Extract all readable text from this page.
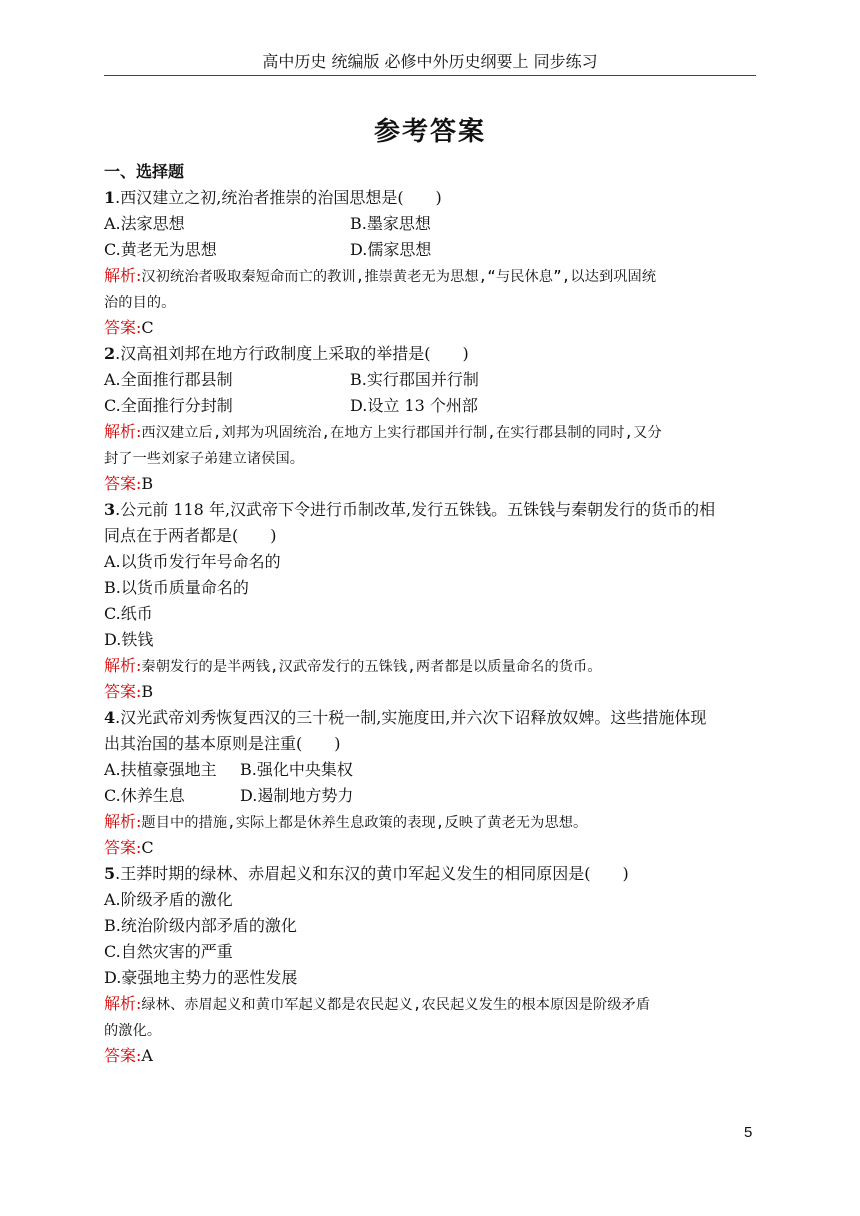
高中历史 统编版 必修中外历史纲要上 同步练习
参考答案
一、选择题
1.西汉建立之初,统治者推崇的治国思想是(　　)
A.法家思想	B.墨家思想
C.黄老无为思想	D.儒家思想
解析:汉初统治者吸取秦短命而亡的教训,推崇黄老无为思想,“与民休息”,以达到巩固统
治的目的。
答案:C
2.汉高祖刘邦在地方行政制度上采取的举措是(　　)
A.全面推行郡县制	B.实行郡国并行制
C.全面推行分封制	D.设立 13 个州部
解析:西汉建立后,刘邦为巩固统治,在地方上实行郡国并行制,在实行郡县制的同时,又分
封了一些刘家子弟建立诸侯国。
答案:B
3.公元前 118 年,汉武帝下令进行币制改革,发行五铢钱。五铢钱与秦朝发行的货币的相
同点在于两者都是(　　)
A.以货币发行年号命名的
B.以货币质量命名的
C.纸币
D.铁钱
解析:秦朝发行的是半两钱,汉武帝发行的五铢钱,两者都是以质量命名的货币。
答案:B
4.汉光武帝刘秀恢复西汉的三十税一制,实施度田,并六次下诏释放奴婢。这些措施体现
出其治国的基本原则是注重(　　)
A.扶植豪强地主	B.强化中央集权
C.休养生息	D.遏制地方势力
解析:题目中的措施,实际上都是休养生息政策的表现,反映了黄老无为思想。
答案:C
5.王莽时期的绿林、赤眉起义和东汉的黄巾军起义发生的相同原因是(　　)
A.阶级矛盾的激化
B.统治阶级内部矛盾的激化
C.自然灾害的严重
D.豪强地主势力的恶性发展
解析:绿林、赤眉起义和黄巾军起义都是农民起义,农民起义发生的根本原因是阶级矛盾
的激化。
答案:A
5
